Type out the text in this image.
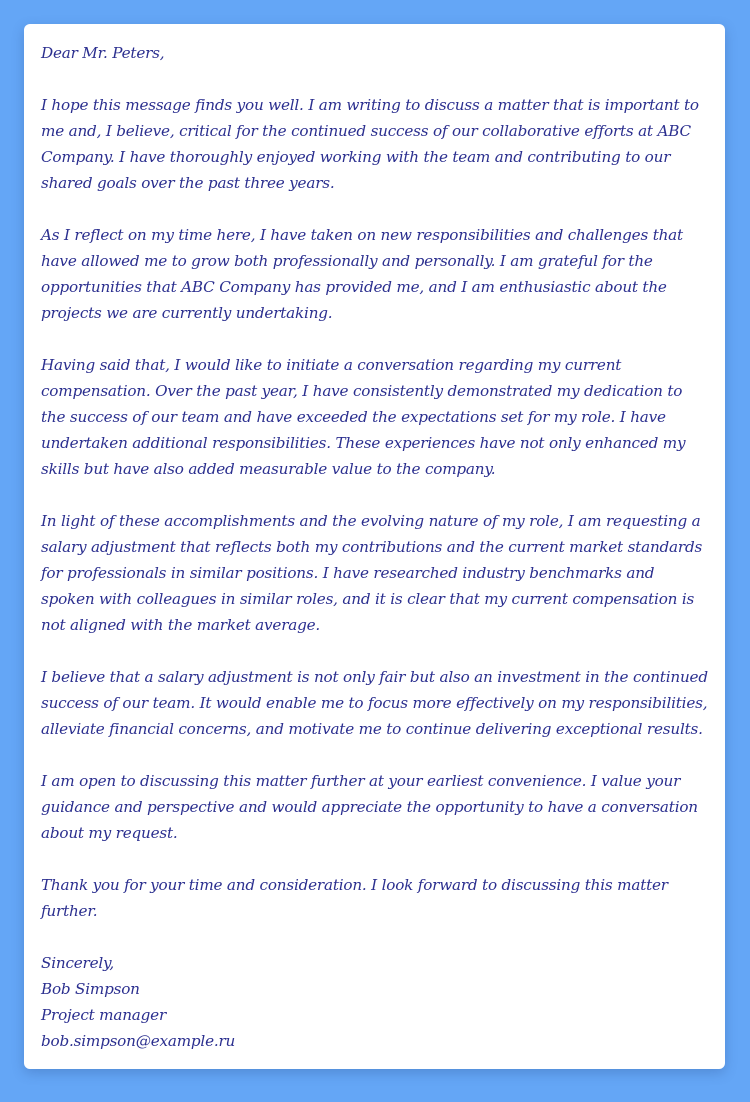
Dear Mr. Peters,

I hope this message finds you well. I am writing to discuss a matter that is important to me and, I believe, critical for the continued success of our collaborative efforts at ABC Company. I have thoroughly enjoyed working with the team and contributing to our shared goals over the past three years.

As I reflect on my time here, I have taken on new responsibilities and challenges that have allowed me to grow both professionally and personally. I am grateful for the opportunities that ABC Company has provided me, and I am enthusiastic about the projects we are currently undertaking.

Having said that, I would like to initiate a conversation regarding my current compensation. Over the past year, I have consistently demonstrated my dedication to the success of our team and have exceeded the expectations set for my role. I have undertaken additional responsibilities. These experiences have not only enhanced my skills but have also added measurable value to the company.

In light of these accomplishments and the evolving nature of my role, I am requesting a salary adjustment that reflects both my contributions and the current market standards for professionals in similar positions. I have researched industry benchmarks and spoken with colleagues in similar roles, and it is clear that my current compensation is not aligned with the market average.

I believe that a salary adjustment is not only fair but also an investment in the continued success of our team. It would enable me to focus more effectively on my responsibilities, alleviate financial concerns, and motivate me to continue delivering exceptional results.

I am open to discussing this matter further at your earliest convenience. I value your guidance and perspective and would appreciate the opportunity to have a conversation about my request.

Thank you for your time and consideration. I look forward to discussing this matter further.

Sincerely,
Bob Simpson
Project manager
bob.simpson@example.ru
